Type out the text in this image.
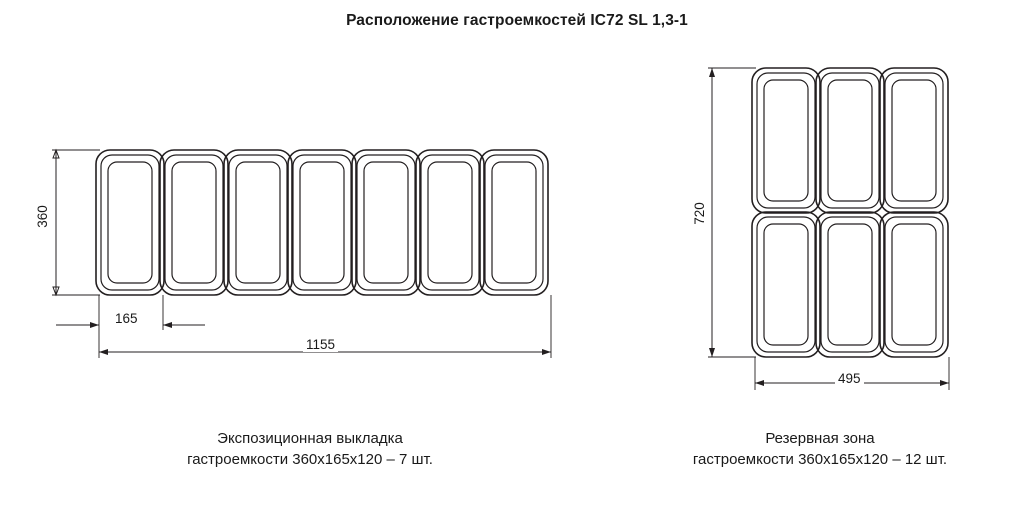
Расположение гастроемкостей IC72 SL 1,3-1
360
165
1155
720
495
Экспозиционная выкладка
гастроемкости 360x165x120 – 7 шт.
Резервная зона
гастроемкости 360x165x120 – 12 шт.
